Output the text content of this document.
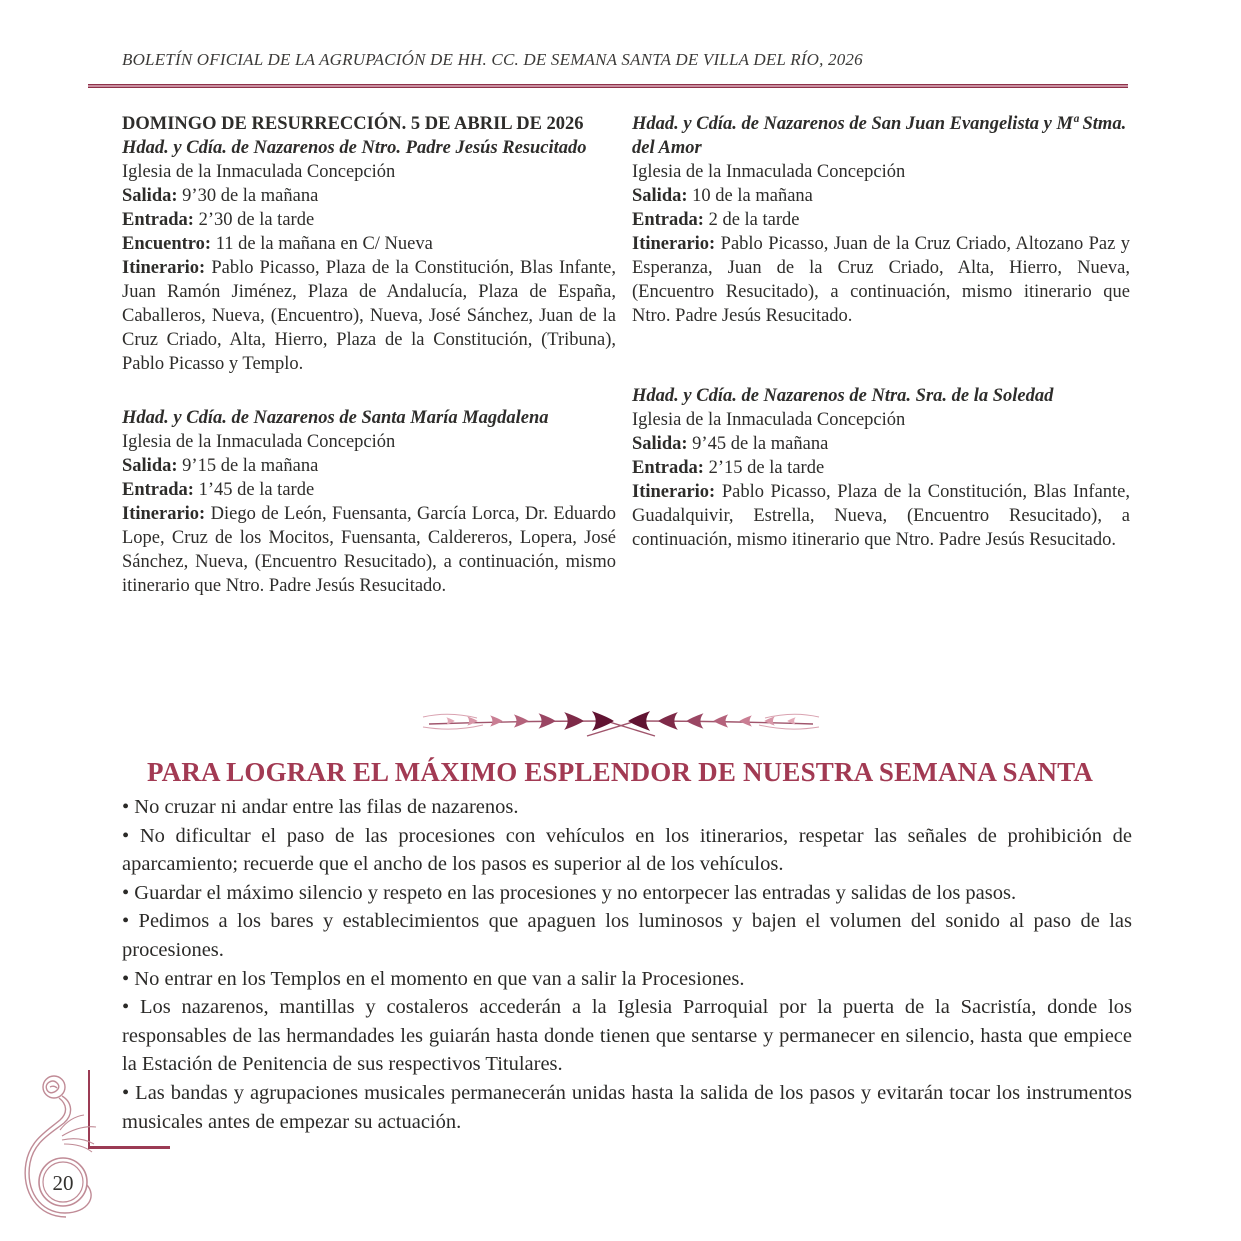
BOLETÍN OFICIAL DE LA AGRUPACIÓN DE HH. CC. DE SEMANA SANTA DE VILLA DEL RÍO, 2026

DOMINGO DE RESURRECCIÓN. 5 DE ABRIL DE 2026

Hdad. y Cdía. de Nazarenos de Ntro. Padre Jesús Resucitado

Iglesia de la Inmaculada Concepción

Salida: 9’30 de la mañana

Entrada: 2’30 de la tarde

Encuentro: 11 de la mañana en C/ Nueva

Itinerario: Pablo Picasso, Plaza de la Constitución, Blas Infante, Juan Ramón Jiménez, Plaza de Andalucía, Plaza de España, Caballeros, Nueva, (Encuentro), Nueva, José Sánchez, Juan de la Cruz Criado, Alta, Hierro, Plaza de la Constitución, (Tribuna), Pablo Picasso y Templo.

Hdad. y Cdía. de Nazarenos de Santa María Magdalena

Iglesia de la Inmaculada Concepción

Salida: 9’15 de la mañana

Entrada: 1’45 de la tarde

Itinerario: Diego de León, Fuensanta, García Lorca, Dr. Eduardo Lope, Cruz de los Mocitos, Fuensanta, Caldereros, Lopera, José Sánchez, Nueva, (Encuentro Resucitado), a continuación, mismo itinerario que Ntro. Padre Jesús Resucitado.

Hdad. y Cdía. de Nazarenos de San Juan Evangelista y Mª Stma. del Amor

Iglesia de la Inmaculada Concepción

Salida: 10 de la mañana

Entrada: 2 de la tarde

Itinerario: Pablo Picasso, Juan de la Cruz Criado, Altozano Paz y Esperanza, Juan de la Cruz Criado, Alta, Hierro, Nueva, (Encuentro Resucitado), a continuación, mismo itinerario que Ntro. Padre Jesús Resucitado.

Hdad. y Cdía. de Nazarenos de Ntra. Sra. de la Soledad

Iglesia de la Inmaculada Concepción

Salida: 9’45 de la mañana

Entrada: 2’15 de la tarde

Itinerario: Pablo Picasso, Plaza de la Constitución, Blas Infante, Guadalquivir, Estrella, Nueva, (Encuentro Resucitado), a continuación, mismo itinerario que Ntro. Padre Jesús Resucitado.

PARA LOGRAR EL MÁXIMO ESPLENDOR DE NUESTRA SEMANA SANTA

• No cruzar ni andar entre las filas de nazarenos.

• No dificultar el paso de las procesiones con vehículos en los itinerarios, respetar las señales de prohibición de aparcamiento; recuerde que el ancho de los pasos es superior al de los vehículos.

• Guardar el máximo silencio y respeto en las procesiones y no entorpecer las entradas y salidas de los pasos.

• Pedimos a los bares y establecimientos que apaguen los luminosos y bajen el volumen del sonido al paso de las procesiones.

• No entrar en los Templos en el momento en que van a salir la Procesiones.

• Los nazarenos, mantillas y costaleros accederán a la Iglesia Parroquial por la puerta de la Sacristía, donde los responsables de las hermandades les guiarán hasta donde tienen que sentarse y permanecer en silencio, hasta que empiece la Estación de Penitencia de sus respectivos Titulares.

• Las bandas y agrupaciones musicales permanecerán unidas hasta la salida de los pasos y evitarán tocar los instrumentos musicales antes de empezar su actuación.

20
